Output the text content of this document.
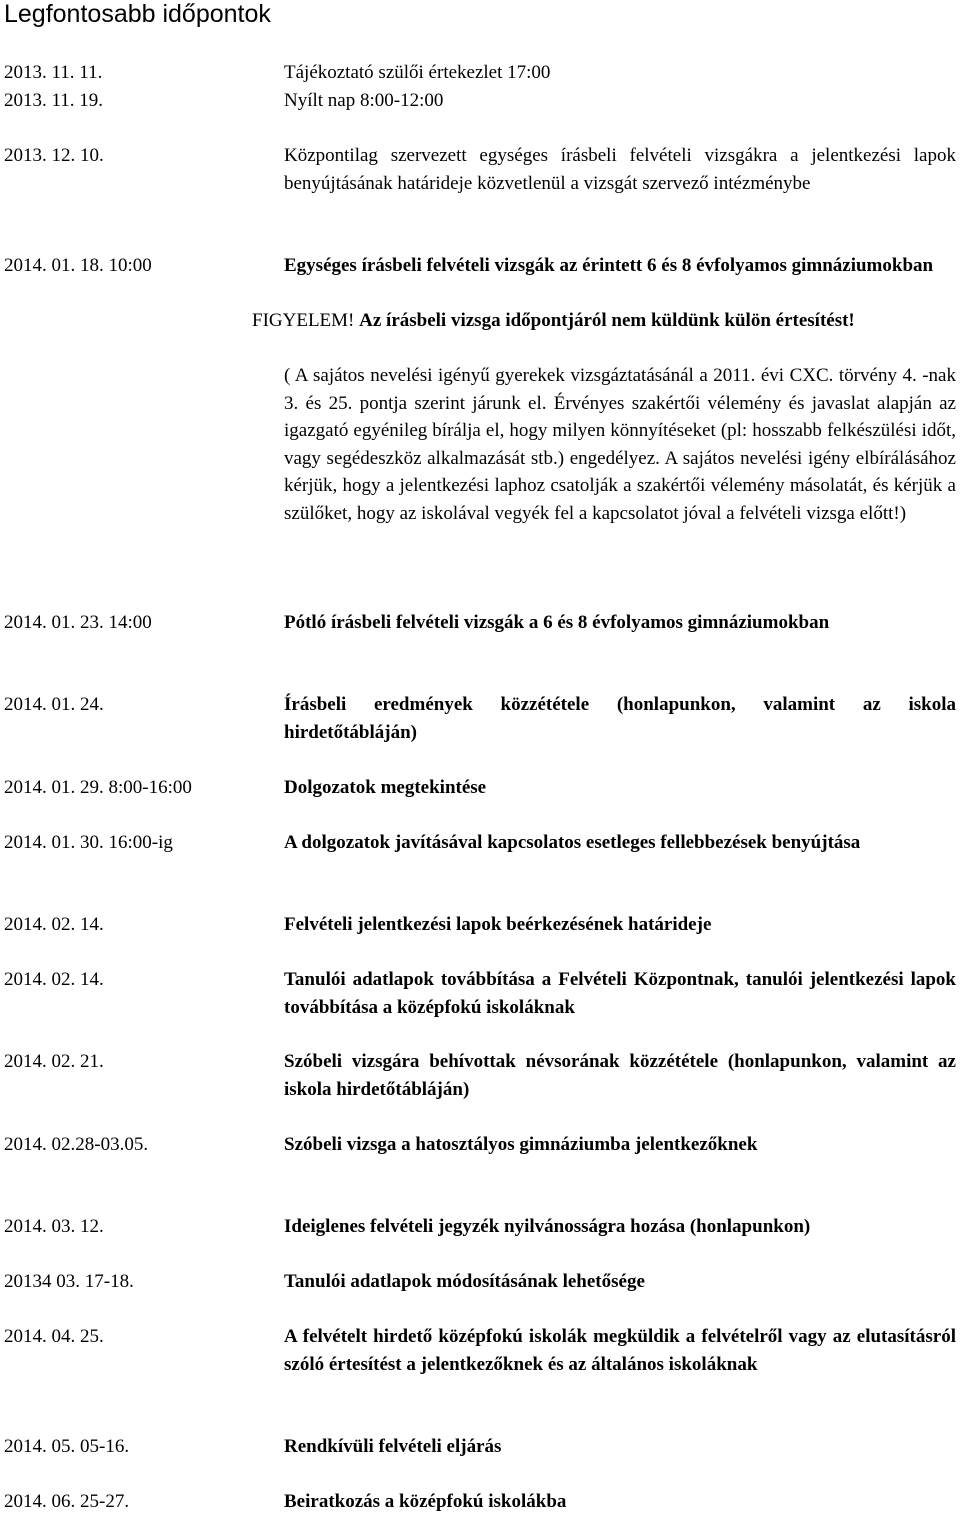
Legfontosabb időpontok
2013. 11. 11.	Tájékoztató szülői értekezlet 17:00
2013. 11. 19.	Nyílt nap 8:00-12:00
2013. 12. 10.	Központilag szervezett egységes írásbeli felvételi vizsgákra a jelentkezési lapok benyújtásának határideje közvetlenül a vizsgát szervező intézménybe
2014. 01. 18. 10:00	Egységes írásbeli felvételi vizsgák az érintett 6 és 8 évfolyamos gimnáziumokban
FIGYELEM! Az írásbeli vizsga időpontjáról nem küldünk külön értesítést!
( A sajátos nevelési igényű gyerekek vizsgáztatásánál a 2011. évi CXC. törvény 4. -nak 3. és 25. pontja szerint járunk el. Érvényes szakértői vélemény és javaslat alapján az igazgató egyénileg bírálja el, hogy milyen könnyítéseket (pl: hosszabb felkészülési időt, vagy segédeszköz alkalmazását stb.) engedélyez. A sajátos nevelési igény elbírálásához kérjük, hogy a jelentkezési laphoz csatolják a szakértői vélemény másolatát, és kérjük a szülőket, hogy az iskolával vegyék fel a kapcsolatot jóval a felvételi vizsga előtt!)
2014. 01. 23. 14:00	Pótló írásbeli felvételi vizsgák a 6 és 8 évfolyamos gimnáziumokban
2014. 01. 24.	Írásbeli eredmények közzététele (honlapunkon, valamint az iskola hirdetőtábláján)
2014. 01. 29. 8:00-16:00	Dolgozatok megtekintése
2014. 01. 30. 16:00-ig	A dolgozatok javításával kapcsolatos esetleges fellebbezések benyújtása
2014. 02. 14.	Felvételi jelentkezési lapok beérkezésének határideje
2014. 02. 14.	Tanulói adatlapok továbbítása a Felvételi Központnak, tanulói jelentkezési lapok továbbítása a középfokú iskoláknak
2014. 02. 21.	Szóbeli vizsgára behívottak névsorának közzététele (honlapunkon, valamint az iskola hirdetőtábláján)
2014. 02.28-03.05.	Szóbeli vizsga a hatosztályos gimnáziumba jelentkezőknek
2014. 03. 12.	Ideiglenes felvételi jegyzék nyilvánosságra hozása (honlapunkon)
20134 03. 17-18.	Tanulói adatlapok módosításának lehetősége
2014. 04. 25.	A felvételt hirdető középfokú iskolák megküldik a felvételről vagy az elutasításról szóló értesítést a jelentkezőknek és az általános iskoláknak
2014. 05. 05-16.	Rendkívüli felvételi eljárás
2014. 06. 25-27.	Beiratkozás a középfokú iskolákba
